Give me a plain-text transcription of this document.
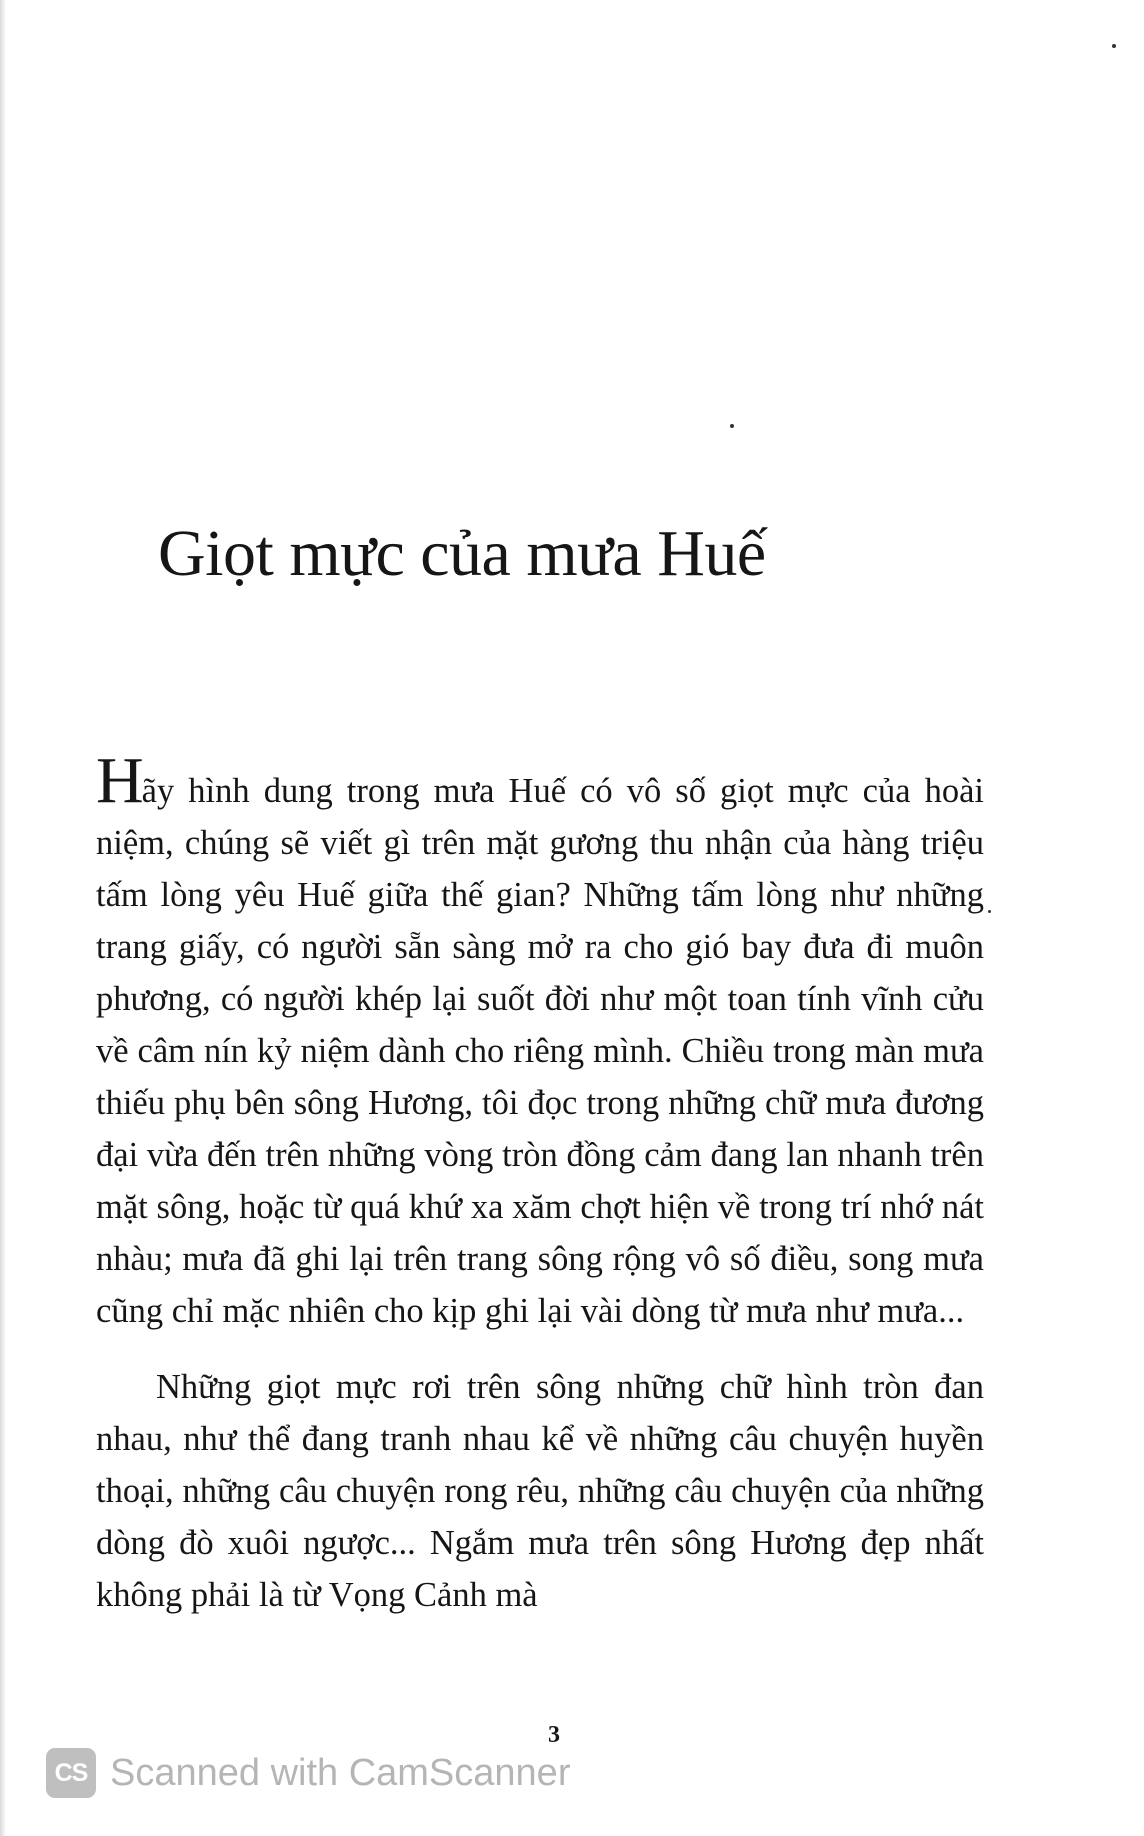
Giọt mực của mưa Huế

Hãy hình dung trong mưa Huế có vô số giọt mực của hoài niệm, chúng sẽ viết gì trên mặt gương thu nhận của hàng triệu tấm lòng yêu Huế giữa thế gian? Những tấm lòng như những trang giấy, có người sẵn sàng mở ra cho gió bay đưa đi muôn phương, có người khép lại suốt đời như một toan tính vĩnh cửu về câm nín kỷ niệm dành cho riêng mình. Chiều trong màn mưa thiếu phụ bên sông Hương, tôi đọc trong những chữ mưa đương đại vừa đến trên những vòng tròn đồng cảm đang lan nhanh trên mặt sông, hoặc từ quá khứ xa xăm chợt hiện về trong trí nhớ nát nhàu; mưa đã ghi lại trên trang sông rộng vô số điều, song mưa cũng chỉ mặc nhiên cho kịp ghi lại vài dòng từ mưa như mưa...

Những giọt mực rơi trên sông những chữ hình tròn đan nhau, như thể đang tranh nhau kể về những câu chuyện huyền thoại, những câu chuyện rong rêu, những câu chuyện của những dòng đò xuôi ngược... Ngắm mưa trên sông Hương đẹp nhất không phải là từ Vọng Cảnh mà

3
CS Scanned with CamScanner
